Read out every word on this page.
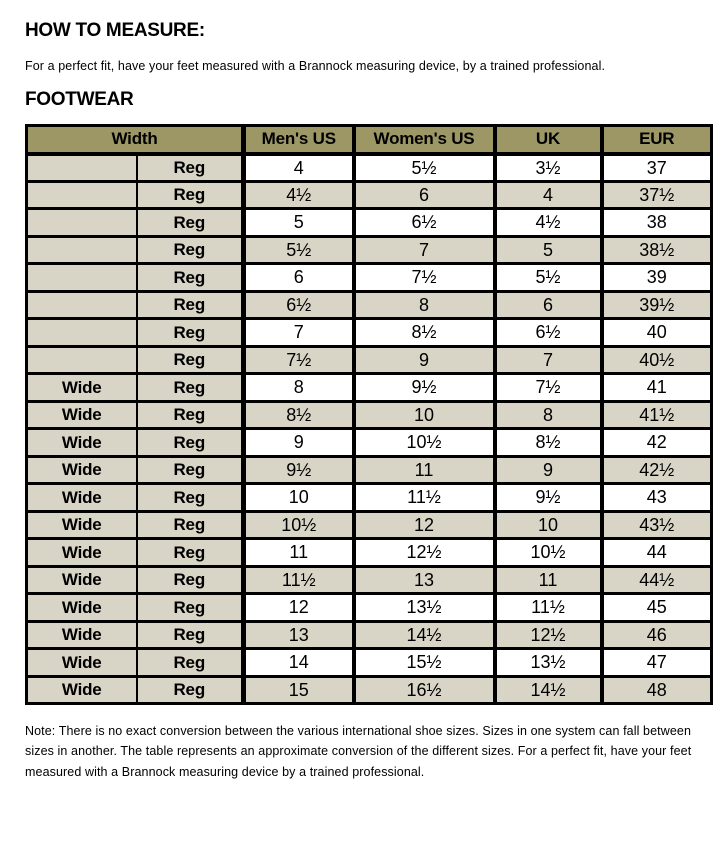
HOW TO MEASURE:

For a perfect fit, have your feet measured with a Brannock measuring device, by a trained professional.

FOOTWEAR
Width		Men's US	Women's US	UK	EUR
	Reg	4	5½	3½	37
	Reg	4½	6	4	37½
	Reg	5	6½	4½	38
	Reg	5½	7	5	38½
	Reg	6	7½	5½	39
	Reg	6½	8	6	39½
	Reg	7	8½	6½	40
	Reg	7½	9	7	40½
Wide	Reg	8	9½	7½	41
Wide	Reg	8½	10	8	41½
Wide	Reg	9	10½	8½	42
Wide	Reg	9½	11	9	42½
Wide	Reg	10	11½	9½	43
Wide	Reg	10½	12	10	43½
Wide	Reg	11	12½	10½	44
Wide	Reg	11½	13	11	44½
Wide	Reg	12	13½	11½	45
Wide	Reg	13	14½	12½	46
Wide	Reg	14	15½	13½	47
Wide	Reg	15	16½	14½	48

Note: There is no exact conversion between the various international shoe sizes. Sizes in one system can fall between sizes in another. The table represents an approximate conversion of the different sizes. For a perfect fit, have your feet measured with a Brannock measuring device by a trained professional.
